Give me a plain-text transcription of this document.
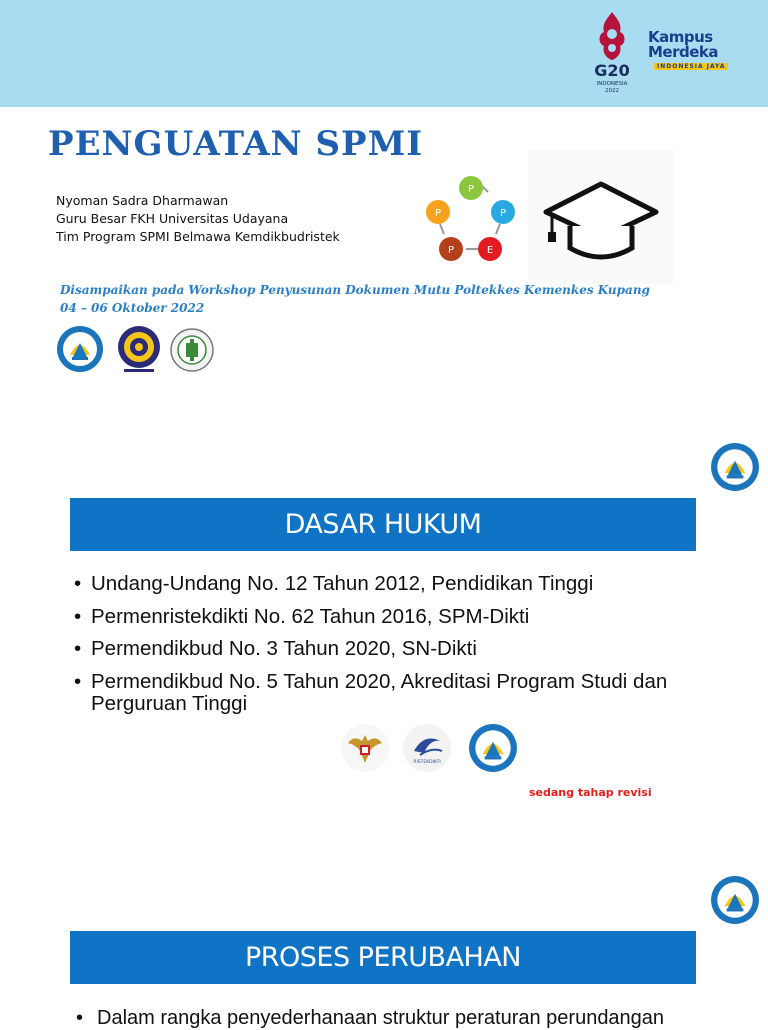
G20
INDONESIA
2022
Kampus
Merdeka
INDONESIA JAYA
PENGUATAN SPMI
Nyoman Sadra Dharmawan
Guru Besar FKH Universitas Udayana
Tim Program SPMI Belmawa Kemdikbudristek
P
P
E
P
P
Disampaikan pada Workshop Penyusunan Dokumen Mutu Poltekkes Kemenkes Kupang
04 – 06 Oktober 2022
DASAR HUKUM
• Undang-Undang No. 12 Tahun 2012, Pendidikan Tinggi
• Permenristekdikti No. 62 Tahun 2016, SPM-Dikti
• Permendikbud No. 3 Tahun 2020, SN-Dikti
• Permendikbud No. 5 Tahun 2020, Akreditasi Program Studi dan Perguruan Tinggi
RISTEKDIKTI
sedang tahap revisi
PROSES PERUBAHAN
• Dalam rangka penyederhanaan struktur peraturan perundangan
